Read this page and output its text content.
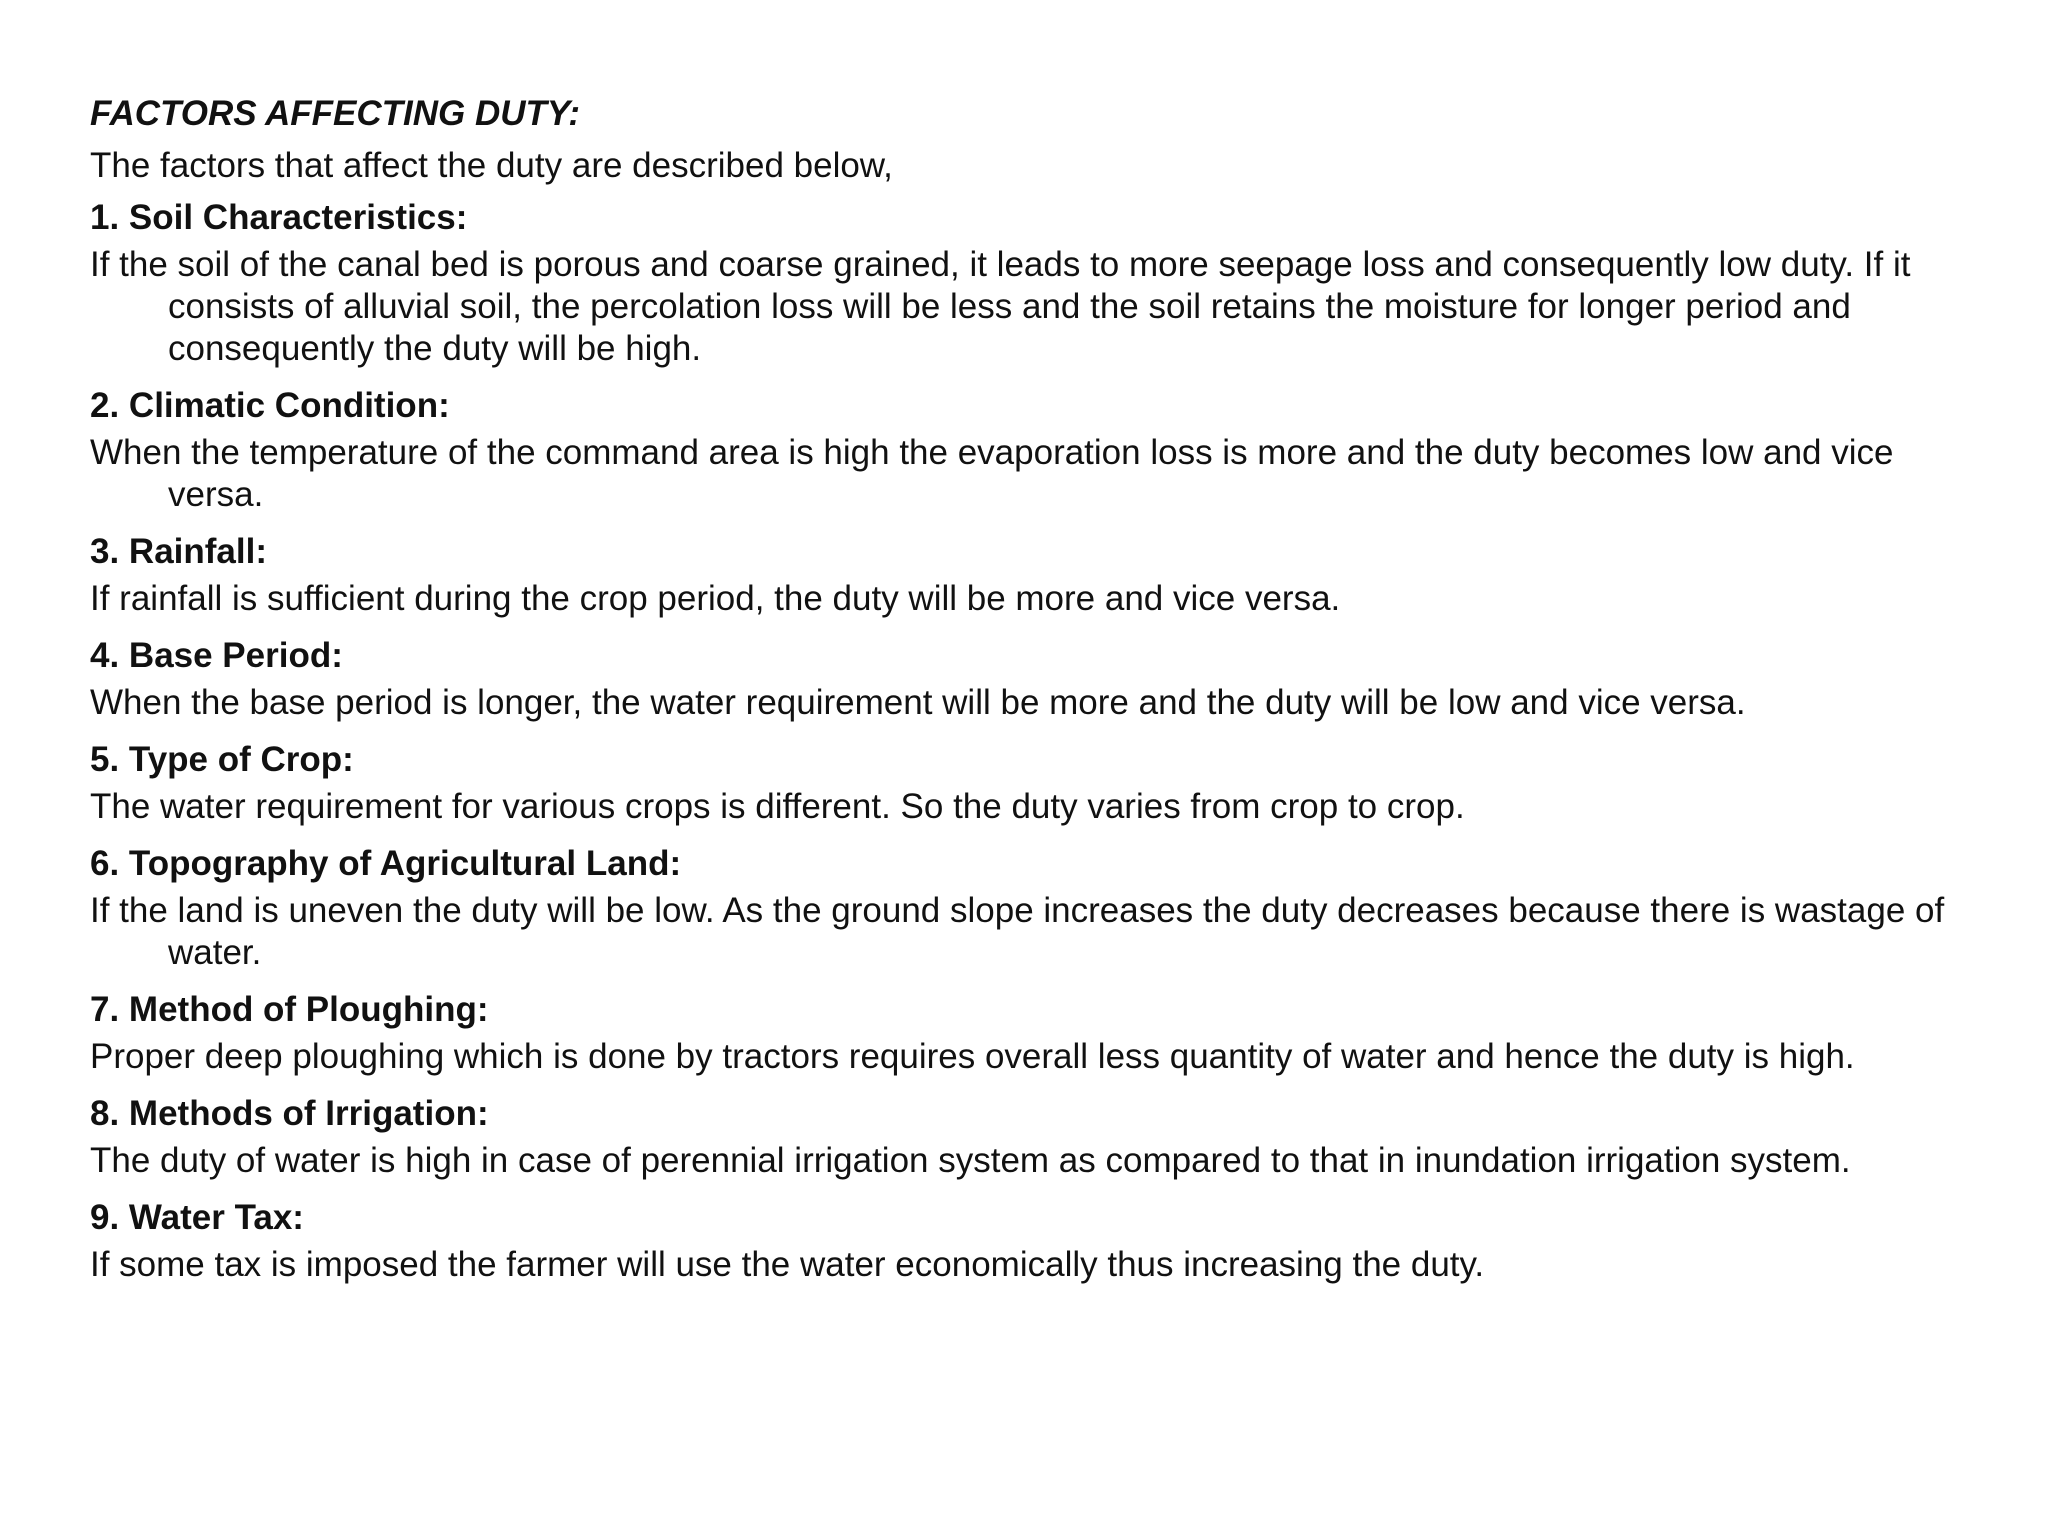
FACTORS AFFECTING DUTY:

The factors that affect the duty are described below,

1. Soil Characteristics:

If the soil of the canal bed is porous and coarse grained, it leads to more seepage loss and consequently low duty. If it consists of alluvial soil, the percolation loss will be less and the soil retains the moisture for longer period and consequently the duty will be high.

2. Climatic Condition:

When the temperature of the command area is high the evaporation loss is more and the duty becomes low and vice versa.

3. Rainfall:

If rainfall is sufficient during the crop period, the duty will be more and vice versa.

4. Base Period:

When the base period is longer, the water requirement will be more and the duty will be low and vice versa.

5. Type of Crop:

The water requirement for various crops is different. So the duty varies from crop to crop.

6. Topography of Agricultural Land:

If the land is uneven the duty will be low. As the ground slope increases the duty decreases because there is wastage of water.

7. Method of Ploughing:

Proper deep ploughing which is done by tractors requires overall less quantity of water and hence the duty is high.

8. Methods of Irrigation:

The duty of water is high in case of perennial irrigation system as compared to that in inundation irrigation system.

9. Water Tax:

If some tax is imposed the farmer will use the water economically thus increasing the duty.
